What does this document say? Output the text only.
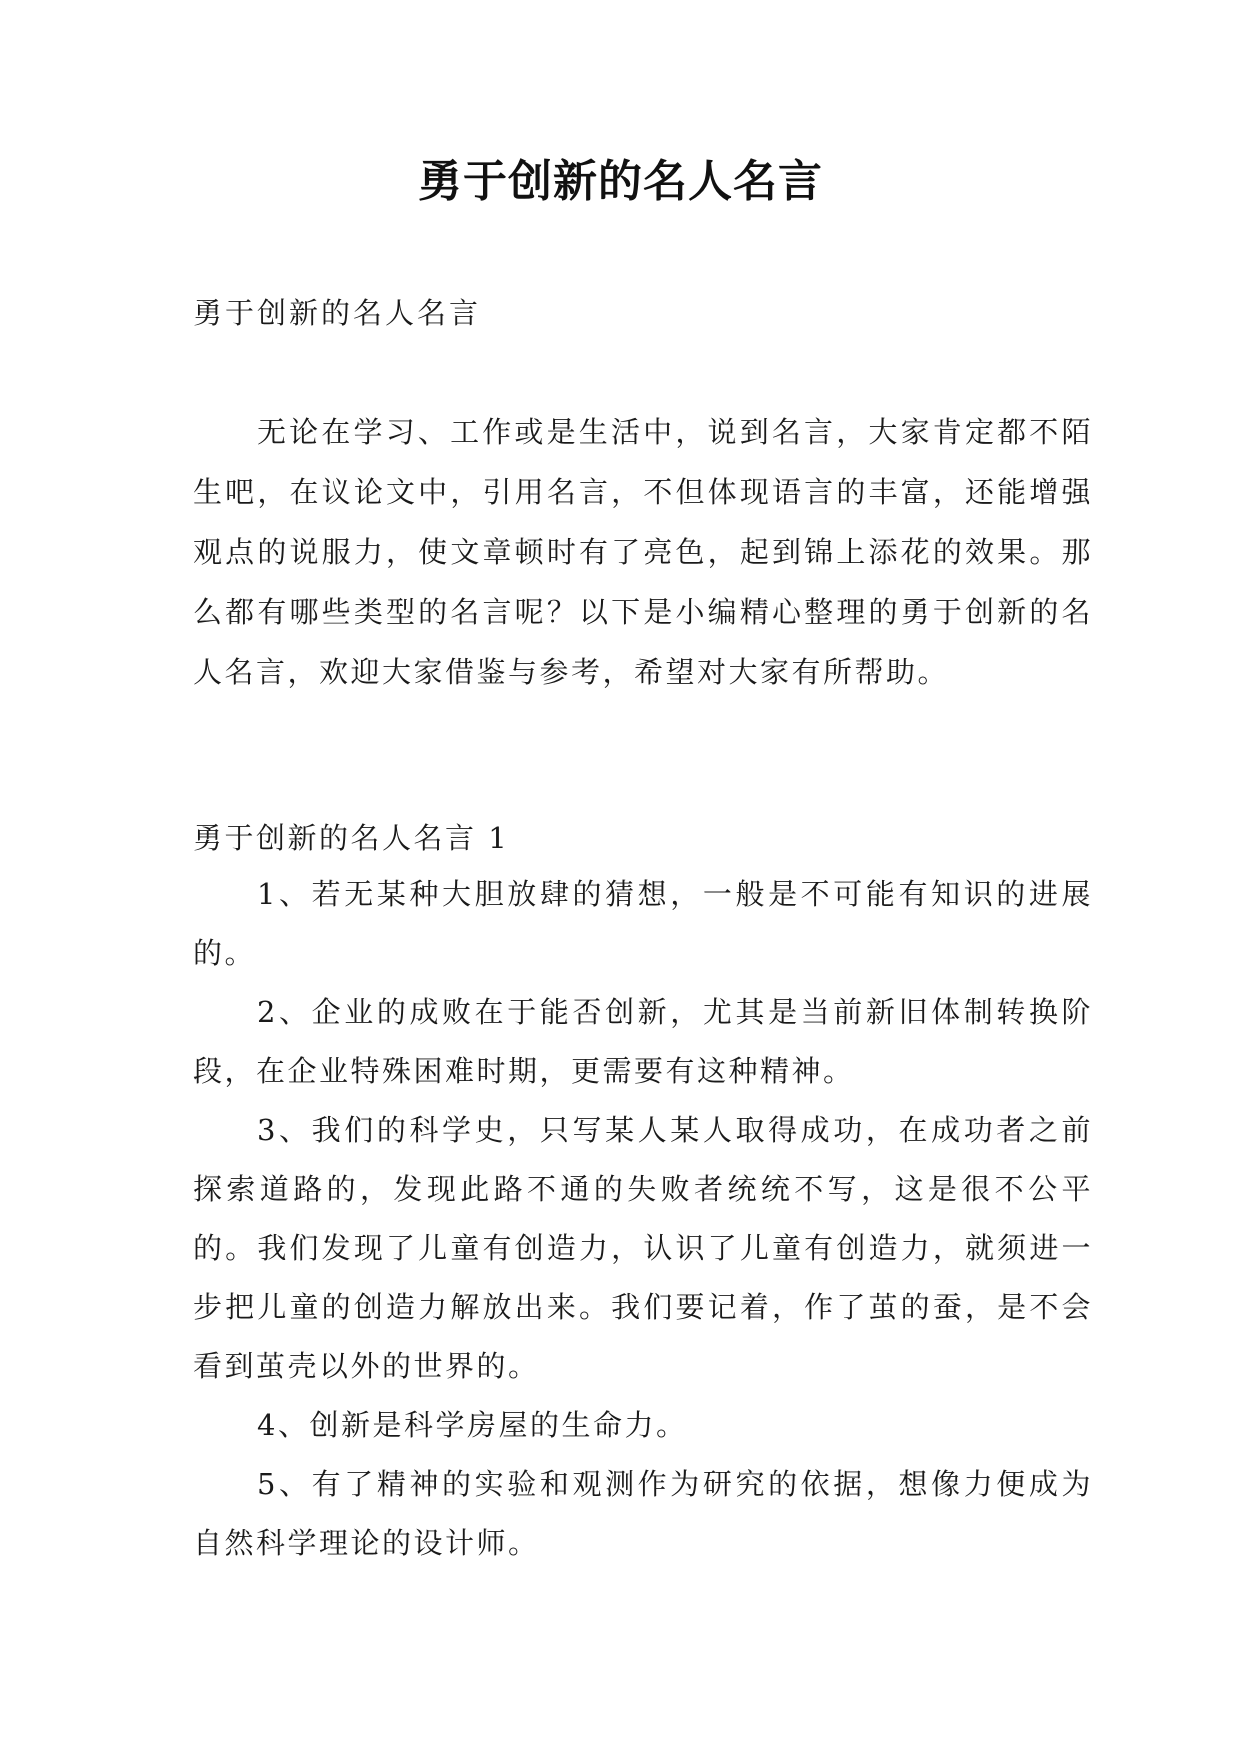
勇于创新的名人名言
勇于创新的名人名言

无论在学习、工作或是生活中，说到名言，大家肯定都不陌生吧，在议论文中，引用名言，不但体现语言的丰富，还能增强观点的说服力，使文章顿时有了亮色，起到锦上添花的效果。那么都有哪些类型的名言呢？以下是小编精心整理的勇于创新的名人名言，欢迎大家借鉴与参考，希望对大家有所帮助。

勇于创新的名人名言 1

1、若无某种大胆放肆的猜想，一般是不可能有知识的进展的。

2、企业的成败在于能否创新，尤其是当前新旧体制转换阶段，在企业特殊困难时期，更需要有这种精神。

3、我们的科学史，只写某人某人取得成功，在成功者之前探索道路的，发现此路不通的失败者统统不写，这是很不公平的。我们发现了儿童有创造力，认识了儿童有创造力，就须进一步把儿童的创造力解放出来。我们要记着，作了茧的蚕，是不会看到茧壳以外的世界的。

4、创新是科学房屋的生命力。

5、有了精神的实验和观测作为研究的依据，想像力便成为自然科学理论的设计师。
